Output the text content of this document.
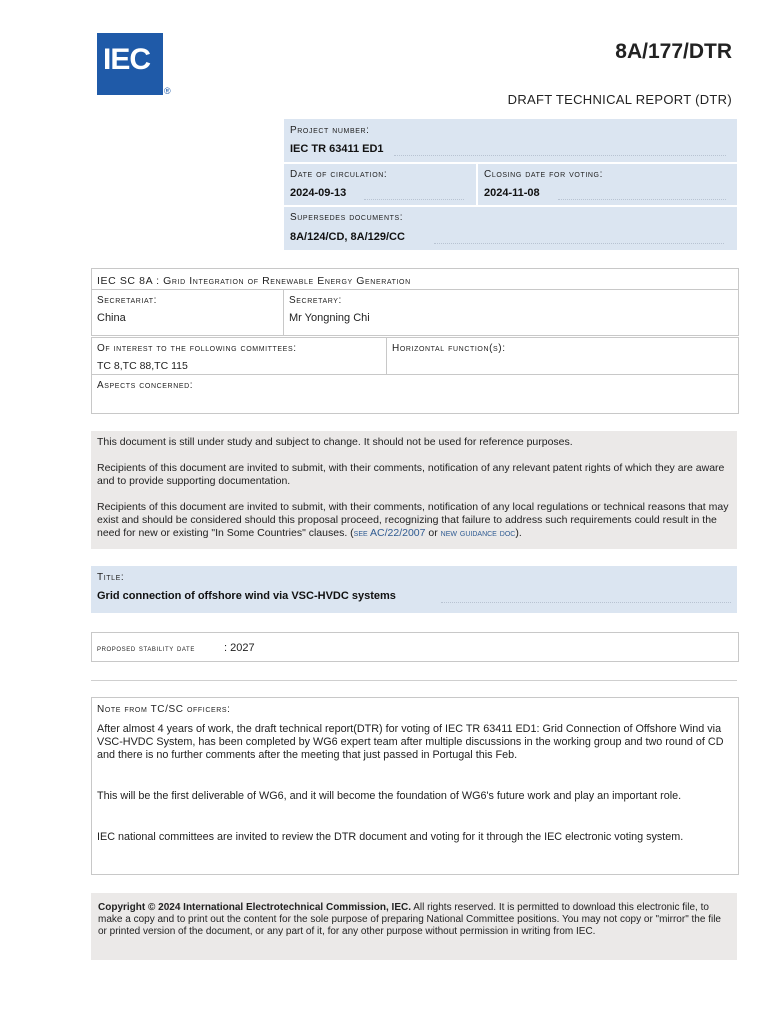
IEC
®
8A/177/DTR
DRAFT TECHNICAL REPORT (DTR)
Project number:
IEC TR 63411 ED1
Date of circulation:
2024-09-13
Closing date for voting:
2024-11-08
Supersedes documents:
8A/124/CD, 8A/129/CC
IEC SC 8A : Grid Integration of Renewable Energy Generation
Secretariat:
China
Secretary:
Mr Yongning Chi
Of interest to the following committees:
TC 8,TC 88,TC 115
Horizontal function(s):
Aspects concerned:
This document is still under study and subject to change. It should not be used for reference purposes.
Recipients of this document are invited to submit, with their comments, notification of any relevant patent rights of which they are aware and to provide supporting documentation.
Recipients of this document are invited to submit, with their comments, notification of any local regulations or technical reasons that may exist and should be considered should this proposal proceed, recognizing that failure to address such requirements could result in the need for new or existing "In Some Countries" clauses. (see AC/22/2007 or new guidance doc).
Title:
Grid connection of offshore wind via VSC-HVDC systems
proposed stability date	: 2027
Note from TC/SC officers:
After almost 4 years of work, the draft technical report(DTR) for voting of IEC TR 63411 ED1: Grid Connection of Offshore Wind via VSC-HVDC System, has been completed by WG6 expert team after multiple discussions in the working group and two round of CD and there is no further comments after the meeting that just passed in Portugal this Feb.
This will be the first deliverable of WG6, and it will become the foundation of WG6's future work and play an important role.
IEC national committees are invited to review the DTR document and voting for it through the IEC electronic voting system.
Copyright © 2024 International Electrotechnical Commission, IEC. All rights reserved. It is permitted to download this electronic file, to make a copy and to print out the content for the sole purpose of preparing National Committee positions. You may not copy or "mirror" the file or printed version of the document, or any part of it, for any other purpose without permission in writing from IEC.
